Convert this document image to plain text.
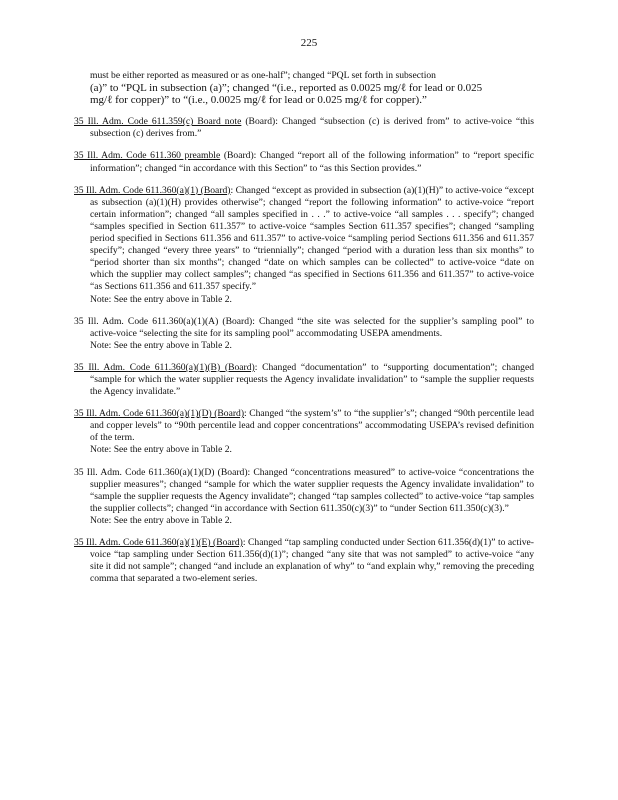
225
must be either reported as measured or as one-half”; changed “PQL set forth in subsection
(a)” to “PQL in subsection (a)”; changed “(i.e., reported as 0.0025 mg/ℓ for lead or 0.025
mg/ℓ for copper)” to “(i.e., 0.0025 mg/ℓ for lead or 0.025 mg/ℓ for copper).”

35 Ill. Adm. Code 611.359(c) Board note (Board): Changed “subsection (c) is derived from” to active-voice “this subsection (c) derives from.”

35 Ill. Adm. Code 611.360 preamble (Board): Changed “report all of the following information” to “report specific information”; changed “in accordance with this Section” to “as this Section provides.”

35 Ill. Adm. Code 611.360(a)(1) (Board): Changed “except as provided in subsection (a)(1)(H)” to active-voice “except as subsection (a)(1)(H) provides otherwise”; changed “report the following information” to active-voice “report certain information”; changed “all samples specified in . . .” to active-voice “all samples . . . specify”; changed “samples specified in Section 611.357” to active-voice “samples Section 611.357 specifies”; changed “sampling period specified in Sections 611.356 and 611.357” to active-voice “sampling period Sections 611.356 and 611.357 specify”; changed “every three years” to “triennially”; changed “period with a duration less than six months” to “period shorter than six months”; changed “date on which samples can be collected” to active-voice “date on which the supplier may collect samples”; changed “as specified in Sections 611.356 and 611.357” to active-voice “as Sections 611.356 and 611.357 specify.”

Note: See the entry above in Table 2.

35 Ill. Adm. Code 611.360(a)(1)(A) (Board): Changed “the site was selected for the supplier’s sampling pool” to active-voice “selecting the site for its sampling pool” accommodating USEPA amendments.

Note: See the entry above in Table 2.

35 Ill. Adm. Code 611.360(a)(1)(B) (Board): Changed “documentation” to “supporting documentation”; changed “sample for which the water supplier requests the Agency invalidate invalidation” to “sample the supplier requests the Agency invalidate.”

35 Ill. Adm. Code 611.360(a)(1)(D) (Board): Changed “the system’s” to “the supplier’s”; changed “90th percentile lead and copper levels” to “90th percentile lead and copper concentrations” accommodating USEPA’s revised definition of the term.

Note: See the entry above in Table 2.

35 Ill. Adm. Code 611.360(a)(1)(D) (Board): Changed “concentrations measured” to active-voice “concentrations the supplier measures”; changed “sample for which the water supplier requests the Agency invalidate invalidation” to “sample the supplier requests the Agency invalidate”; changed “tap samples collected” to active-voice “tap samples the supplier collects”; changed “in accordance with Section 611.350(c)(3)” to “under Section 611.350(c)(3).”

Note: See the entry above in Table 2.

35 Ill. Adm. Code 611.360(a)(1)(E) (Board): Changed “tap sampling conducted under Section 611.356(d)(1)” to active-voice “tap sampling under Section 611.356(d)(1)”; changed “any site that was not sampled” to active-voice “any site it did not sample”; changed “and include an explanation of why” to “and explain why,” removing the preceding comma that separated a two-element series.
